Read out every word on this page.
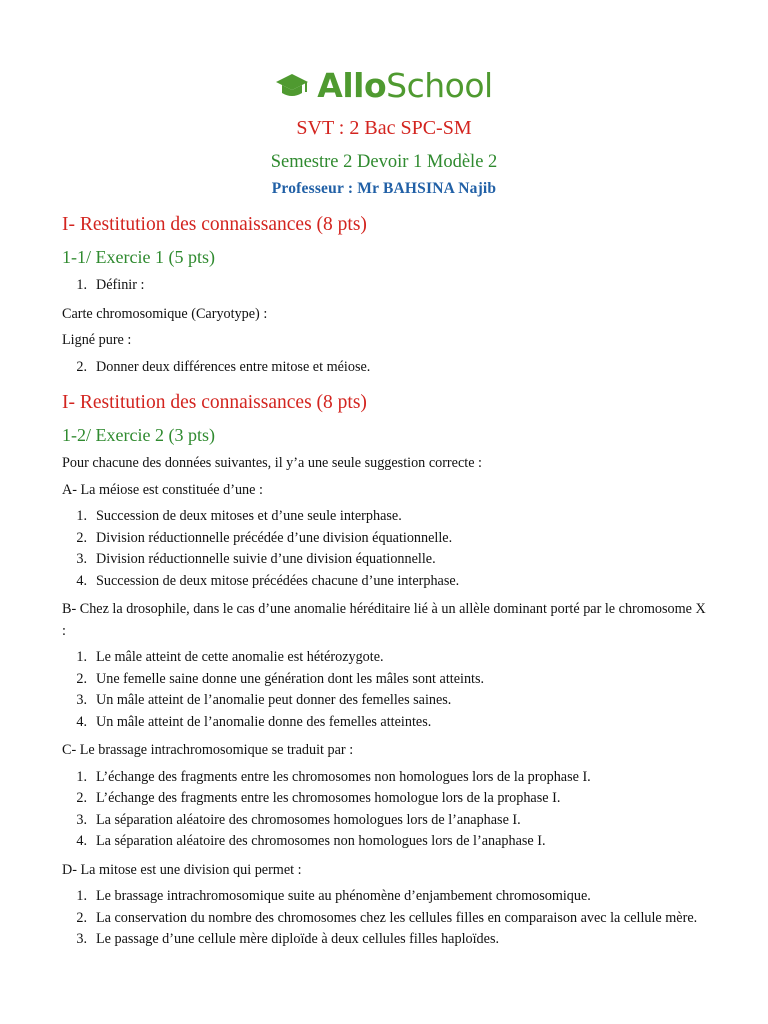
AlloSchool
SVT : 2 Bac SPC-SM
Semestre 2 Devoir 1 Modèle 2
Professeur : Mr BAHSINA Najib
I- Restitution des connaissances (8 pts)
1-1/ Exercie 1 (5 pts)
1. Définir :

Carte chromosomique (Caryotype) :

Ligné pure :

2. Donner deux différences entre mitose et méiose.
I- Restitution des connaissances (8 pts)
1-2/ Exercie 2 (3 pts)

Pour chacune des données suivantes, il y’a une seule suggestion correcte :

A- La méiose est constituée d’une :

1. Succession de deux mitoses et d’une seule interphase.
2. Division réductionnelle précédée d’une division équationnelle.
3. Division réductionnelle suivie d’une division équationnelle.
4. Succession de deux mitose précédées chacune d’une interphase.

B- Chez la drosophile, dans le cas d’une anomalie héréditaire lié à un allèle dominant porté par le chromosome X :

1. Le mâle atteint de cette anomalie est hétérozygote.
2. Une femelle saine donne une génération dont les mâles sont atteints.
3. Un mâle atteint de l’anomalie peut donner des femelles saines.
4. Un mâle atteint de l’anomalie donne des femelles atteintes.

C- Le brassage intrachromosomique se traduit par :

1. L’échange des fragments entre les chromosomes non homologues lors de la prophase I.
2. L’échange des fragments entre les chromosomes homologue lors de la prophase I.
3. La séparation aléatoire des chromosomes homologues lors de l’anaphase I.
4. La séparation aléatoire des chromosomes non homologues lors de l’anaphase I.

D- La mitose est une division qui permet :

1. Le brassage intrachromosomique suite au phénomène d’enjambement chromosomique.
2. La conservation du nombre des chromosomes chez les cellules filles en comparaison avec la cellule mère.
3. Le passage d’une cellule mère diploïde à deux cellules filles haploïdes.
